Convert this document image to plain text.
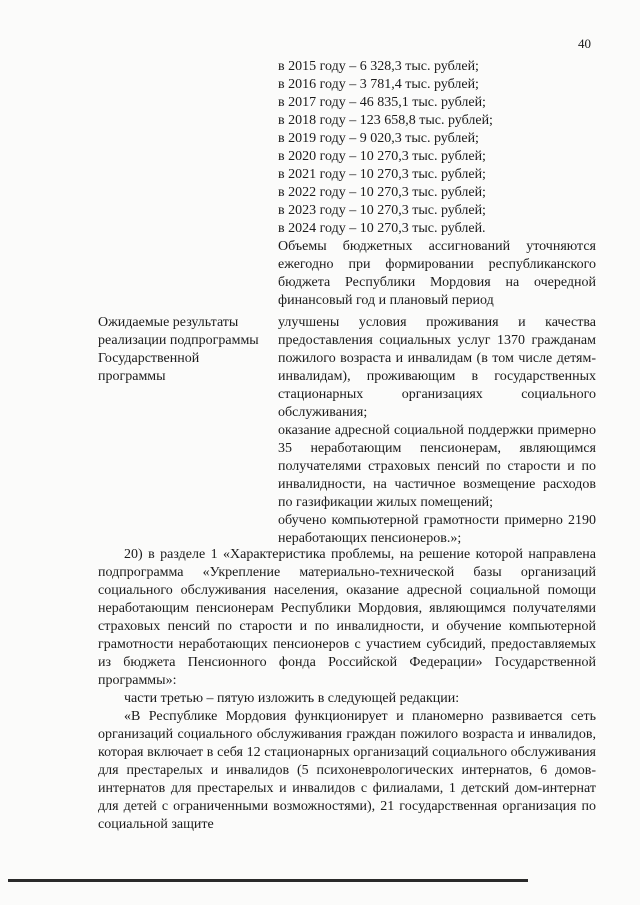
40
в 2015 году – 6 328,3 тыс. рублей;
в 2016 году – 3 781,4 тыс. рублей;
в 2017 году – 46 835,1 тыс. рублей;
в 2018 году – 123 658,8 тыс. рублей;
в 2019 году – 9 020,3 тыс. рублей;
в 2020 году – 10 270,3 тыс. рублей;
в 2021 году – 10 270,3 тыс. рублей;
в 2022 году – 10 270,3 тыс. рублей;
в 2023 году – 10 270,3 тыс. рублей;
в 2024 году – 10 270,3 тыс. рублей.
Объемы бюджетных ассигнований уточняются ежегодно при формировании республиканского бюджета Республики Мордовия на очередной финансовый год и плановый период
Ожидаемые результаты реализации подпрограммы Государственной программы

улучшены условия проживания и качества предоставления социальных услуг 1370 гражданам пожилого возраста и инвалидам (в том числе детям-инвалидам), проживающим в государственных стационарных организациях социального обслуживания;

оказание адресной социальной поддержки примерно 35 неработающим пенсионерам, являющимся получателями страховых пенсий по старости и по инвалидности, на частичное возмещение расходов по газификации жилых помещений;

обучено компьютерной грамотности примерно 2190 неработающих пенсионеров.»;

20) в разделе 1 «Характеристика проблемы, на решение которой направлена подпрограмма «Укрепление материально-технической базы организаций социального обслуживания населения, оказание адресной социальной помощи неработающим пенсионерам Республики Мордовия, являющимся получателями страховых пенсий по старости и по инвалидности, и обучение компьютерной грамотности неработающих пенсионеров с участием субсидий, предоставляемых из бюджета Пенсионного фонда Российской Федерации» Государственной программы»:

части третью – пятую изложить в следующей редакции:

«В Республике Мордовия функционирует и планомерно развивается сеть организаций социального обслуживания граждан пожилого возраста и инвалидов, которая включает в себя 12 стационарных организаций социального обслуживания для престарелых и инвалидов (5 психоневрологических интернатов, 6 домов-интернатов для престарелых и инвалидов с филиалами, 1 детский дом-интернат для детей с ограниченными возможностями), 21 государственная организация по социальной защите
